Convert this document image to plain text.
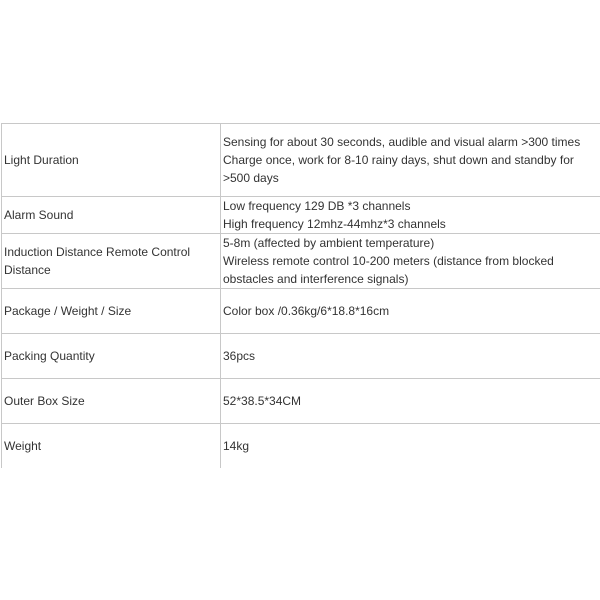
Light Duration	Sensing for about 30 seconds, audible and visual alarm >300 times
Charge once, work for 8-10 rainy days, shut down and standby for >500 days

Alarm Sound	Low frequency 129 DB *3 channels
High frequency 12mhz-44mhz*3 channels

Induction Distance Remote Control Distance	5-8m (affected by ambient temperature)
Wireless remote control 10-200 meters (distance from blocked obstacles and interference signals)

Package / Weight / Size	Color box /0.36kg/6*18.8*16cm

Packing Quantity	36pcs

Outer Box Size	52*38.5*34CM

Weight	14kg
